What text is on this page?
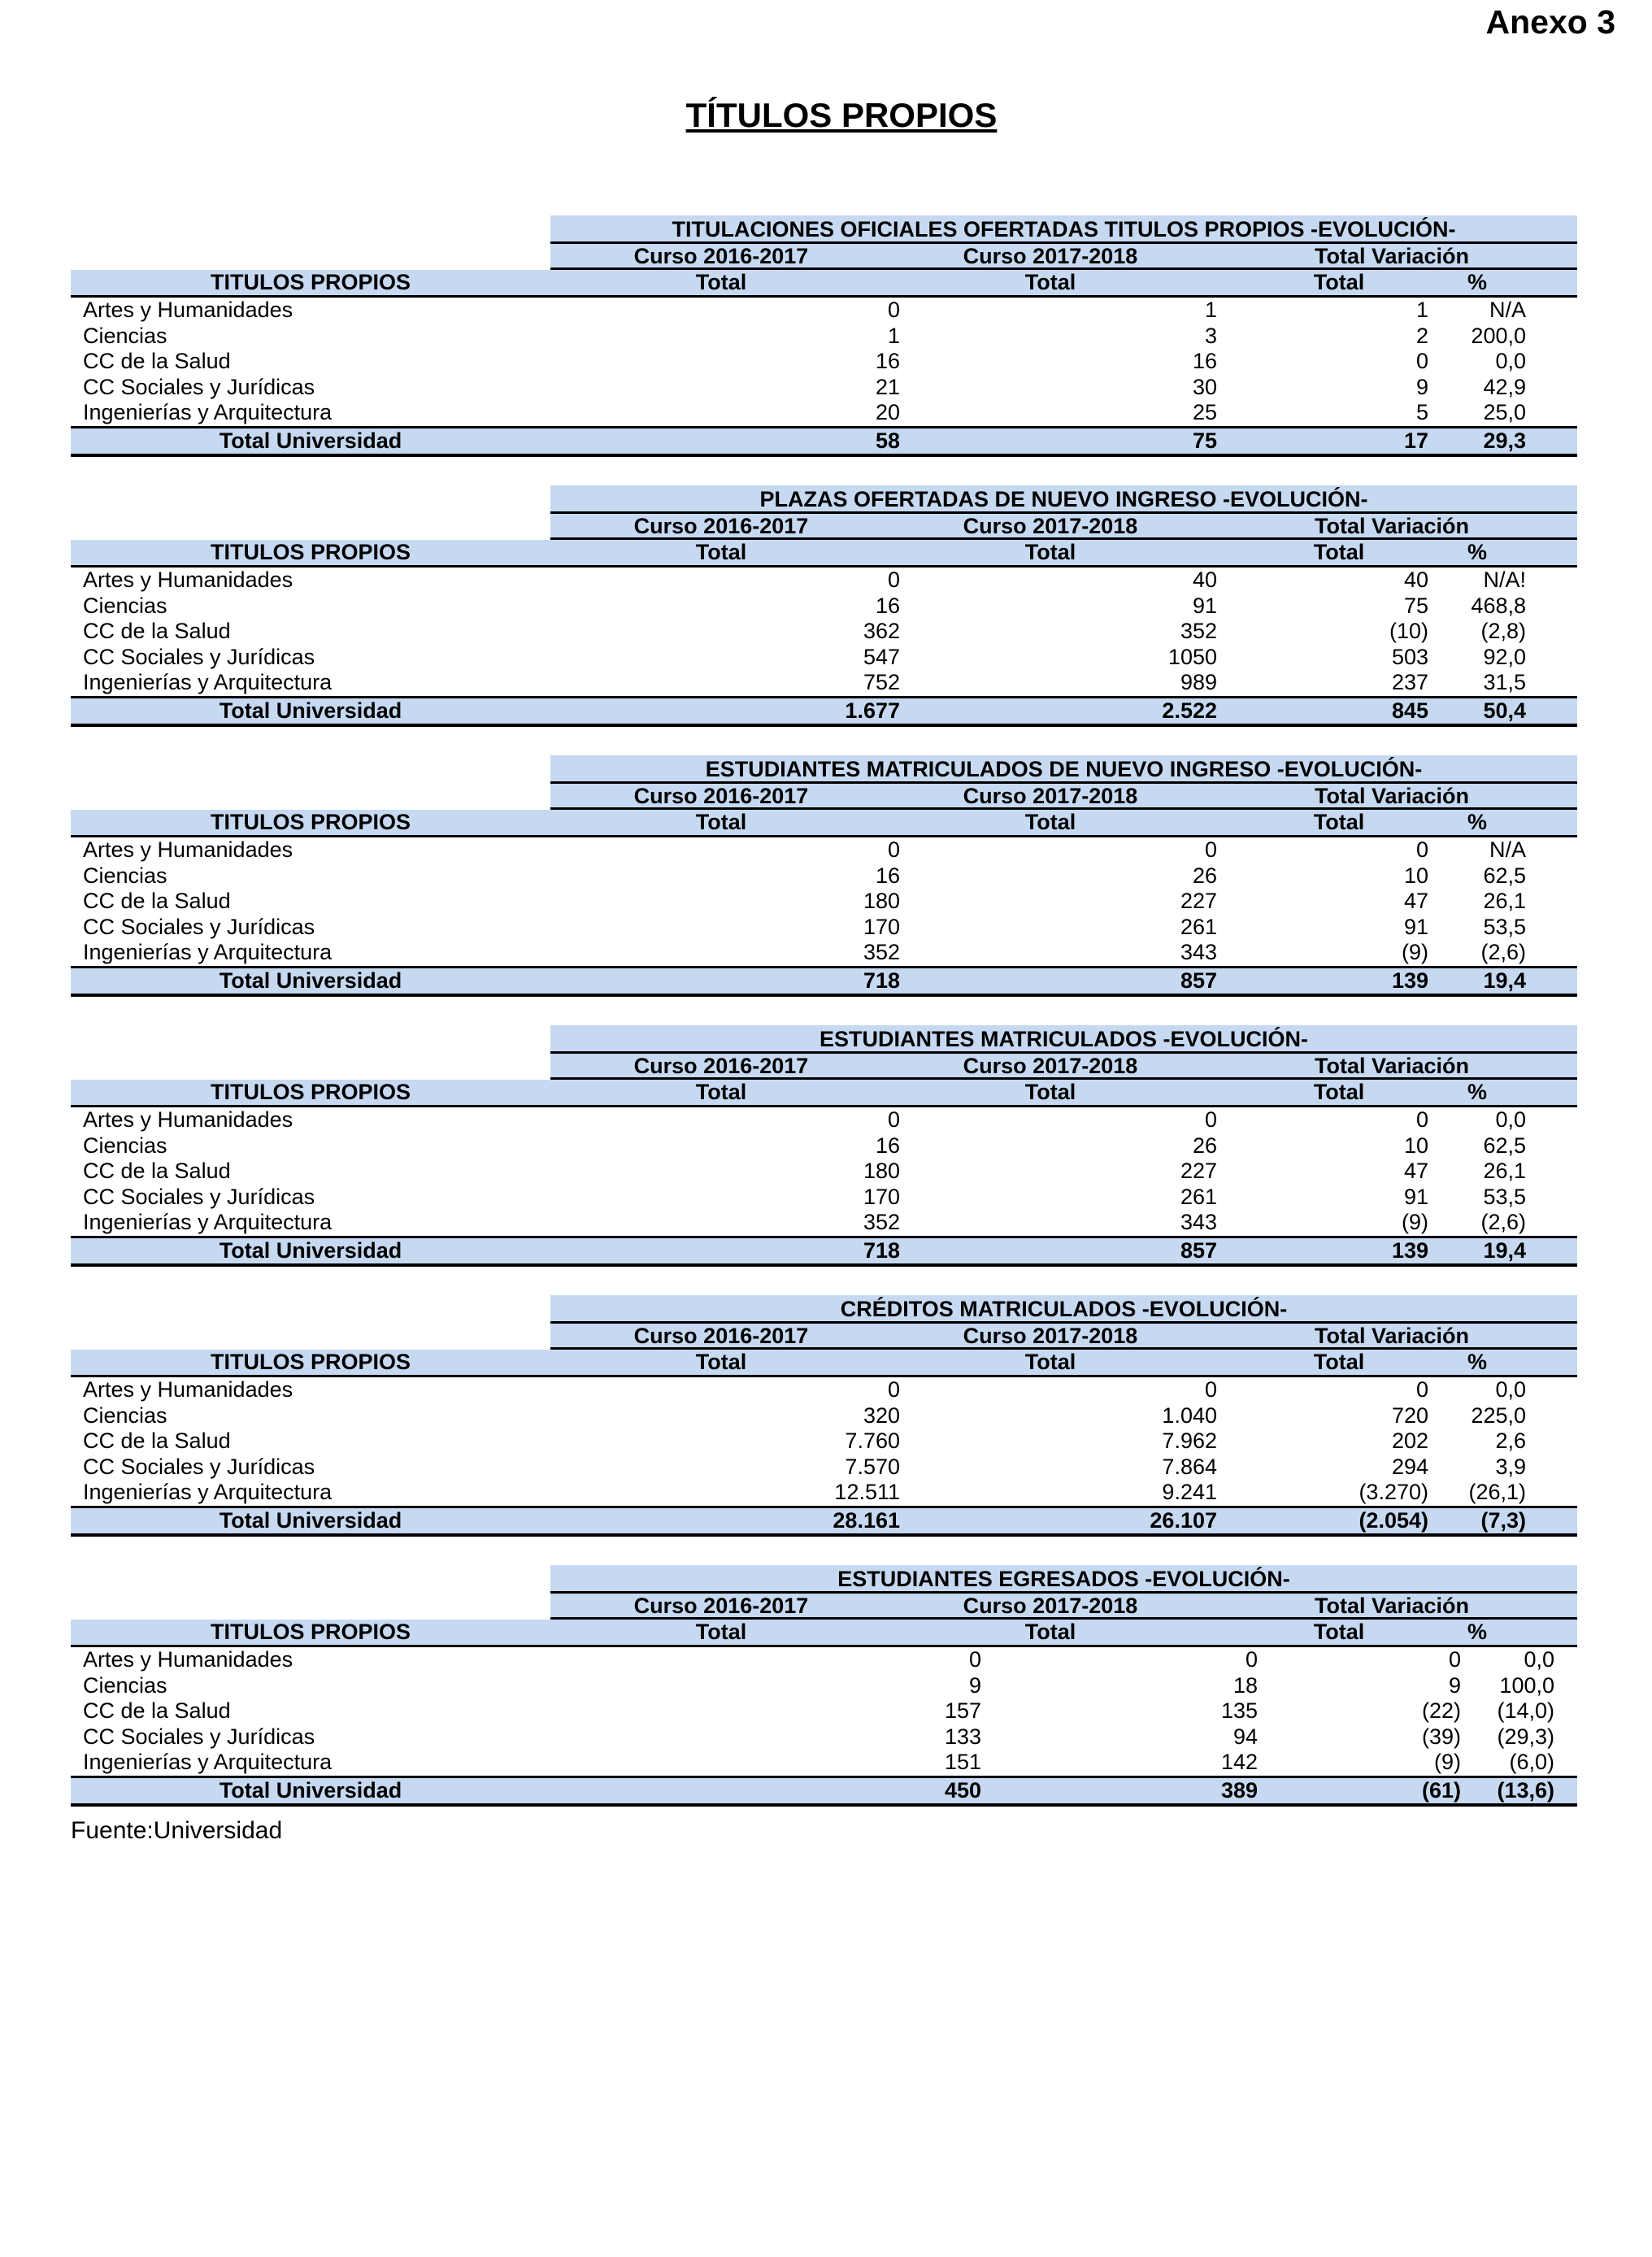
Anexo 3
TÍTULOS PROPIOS
TITULACIONES OFICIALES OFERTADAS TITULOS PROPIOS -EVOLUCIÓN-
Curso 2016-2017	Curso 2017-2018	Total Variación
TITULOS PROPIOS	Total	Total	Total	%
Artes y Humanidades	0	1	1	N/A
Ciencias	1	3	2	200,0
CC de la Salud	16	16	0	0,0
CC Sociales y Jurídicas	21	30	9	42,9
Ingenierías y Arquitectura	20	25	5	25,0
Total Universidad	58	75	17	29,3
PLAZAS OFERTADAS DE NUEVO INGRESO -EVOLUCIÓN-
Curso 2016-2017	Curso 2017-2018	Total Variación
TITULOS PROPIOS	Total	Total	Total	%
Artes y Humanidades	0	40	40	N/A!
Ciencias	16	91	75	468,8
CC de la Salud	362	352	(10)	(2,8)
CC Sociales y Jurídicas	547	1050	503	92,0
Ingenierías y Arquitectura	752	989	237	31,5
Total Universidad	1.677	2.522	845	50,4
ESTUDIANTES MATRICULADOS DE NUEVO INGRESO -EVOLUCIÓN-
Curso 2016-2017	Curso 2017-2018	Total Variación
TITULOS PROPIOS	Total	Total	Total	%
Artes y Humanidades	0	0	0	N/A
Ciencias	16	26	10	62,5
CC de la Salud	180	227	47	26,1
CC Sociales y Jurídicas	170	261	91	53,5
Ingenierías y Arquitectura	352	343	(9)	(2,6)
Total Universidad	718	857	139	19,4
ESTUDIANTES MATRICULADOS -EVOLUCIÓN-
Curso 2016-2017	Curso 2017-2018	Total Variación
TITULOS PROPIOS	Total	Total	Total	%
Artes y Humanidades	0	0	0	0,0
Ciencias	16	26	10	62,5
CC de la Salud	180	227	47	26,1
CC Sociales y Jurídicas	170	261	91	53,5
Ingenierías y Arquitectura	352	343	(9)	(2,6)
Total Universidad	718	857	139	19,4
CRÉDITOS MATRICULADOS -EVOLUCIÓN-
Curso 2016-2017	Curso 2017-2018	Total Variación
TITULOS PROPIOS	Total	Total	Total	%
Artes y Humanidades	0	0	0	0,0
Ciencias	320	1.040	720	225,0
CC de la Salud	7.760	7.962	202	2,6
CC Sociales y Jurídicas	7.570	7.864	294	3,9
Ingenierías y Arquitectura	12.511	9.241	(3.270)	(26,1)
Total Universidad	28.161	26.107	(2.054)	(7,3)
ESTUDIANTES EGRESADOS -EVOLUCIÓN-
Curso 2016-2017	Curso 2017-2018	Total Variación
TITULOS PROPIOS	Total	Total	Total	%
Artes y Humanidades	0	0	0	0,0
Ciencias	9	18	9	100,0
CC de la Salud	157	135	(22)	(14,0)
CC Sociales y Jurídicas	133	94	(39)	(29,3)
Ingenierías y Arquitectura	151	142	(9)	(6,0)
Total Universidad	450	389	(61)	(13,6)
Fuente:Universidad
